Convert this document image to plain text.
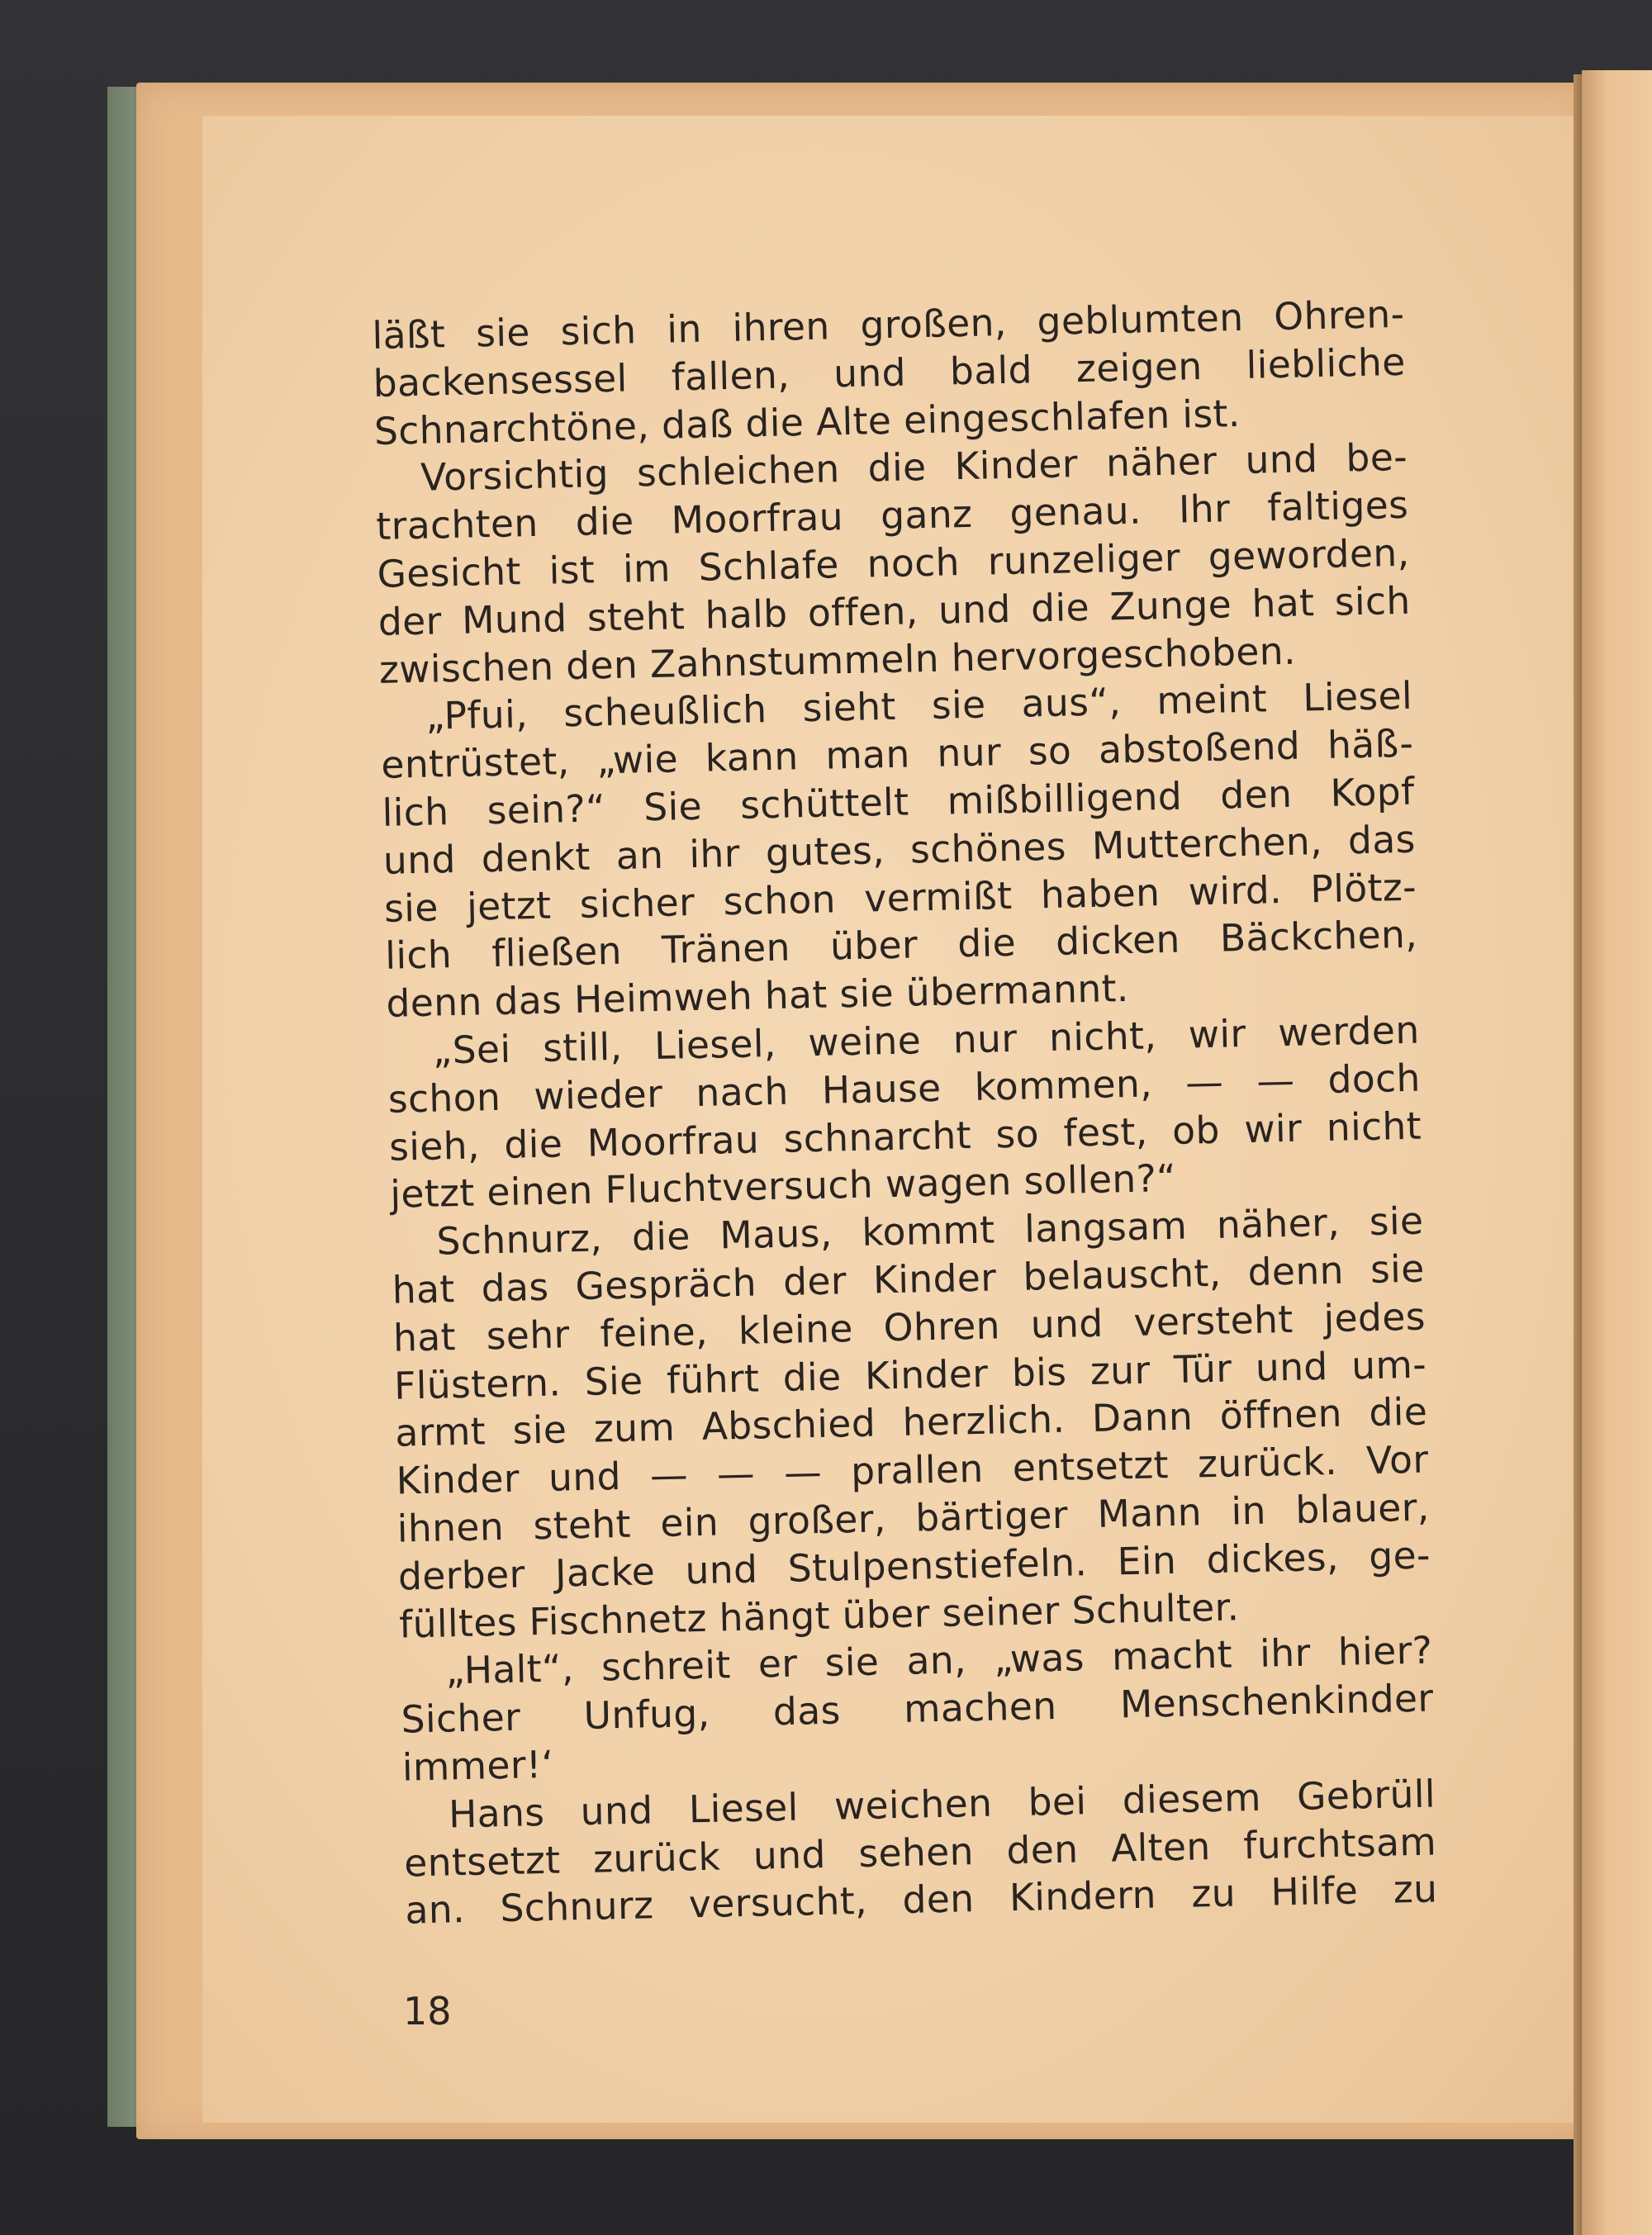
läßt sie sich in ihren großen, geblumten Ohren-
backensessel fallen, und bald zeigen liebliche
Schnarchtöne, daß die Alte eingeschlafen ist.
Vorsichtig schleichen die Kinder näher und be-
trachten die Moorfrau ganz genau. Ihr faltiges
Gesicht ist im Schlafe noch runzeliger geworden,
der Mund steht halb offen, und die Zunge hat sich
zwischen den Zahnstummeln hervorgeschoben.
„Pfui, scheußlich sieht sie aus“, meint Liesel
entrüstet, „wie kann man nur so abstoßend häß-
lich sein?“ Sie schüttelt mißbilligend den Kopf
und denkt an ihr gutes, schönes Mutterchen, das
sie jetzt sicher schon vermißt haben wird. Plötz-
lich fließen Tränen über die dicken Bäckchen,
denn das Heimweh hat sie übermannt.
„Sei still, Liesel, weine nur nicht, wir werden
schon wieder nach Hause kommen, — — doch
sieh, die Moorfrau schnarcht so fest, ob wir nicht
jetzt einen Fluchtversuch wagen sollen?“
Schnurz, die Maus, kommt langsam näher, sie
hat das Gespräch der Kinder belauscht, denn sie
hat sehr feine, kleine Ohren und versteht jedes
Flüstern. Sie führt die Kinder bis zur Tür und um-
armt sie zum Abschied herzlich. Dann öffnen die
Kinder und — — — prallen entsetzt zurück. Vor
ihnen steht ein großer, bärtiger Mann in blauer,
derber Jacke und Stulpenstiefeln. Ein dickes, ge-
fülltes Fischnetz hängt über seiner Schulter.
„Halt“, schreit er sie an, „was macht ihr hier?
Sicher Unfug, das machen Menschenkinder
immer!‘
Hans und Liesel weichen bei diesem Gebrüll
entsetzt zurück und sehen den Alten furchtsam
an. Schnurz versucht, den Kindern zu Hilfe zu
18
